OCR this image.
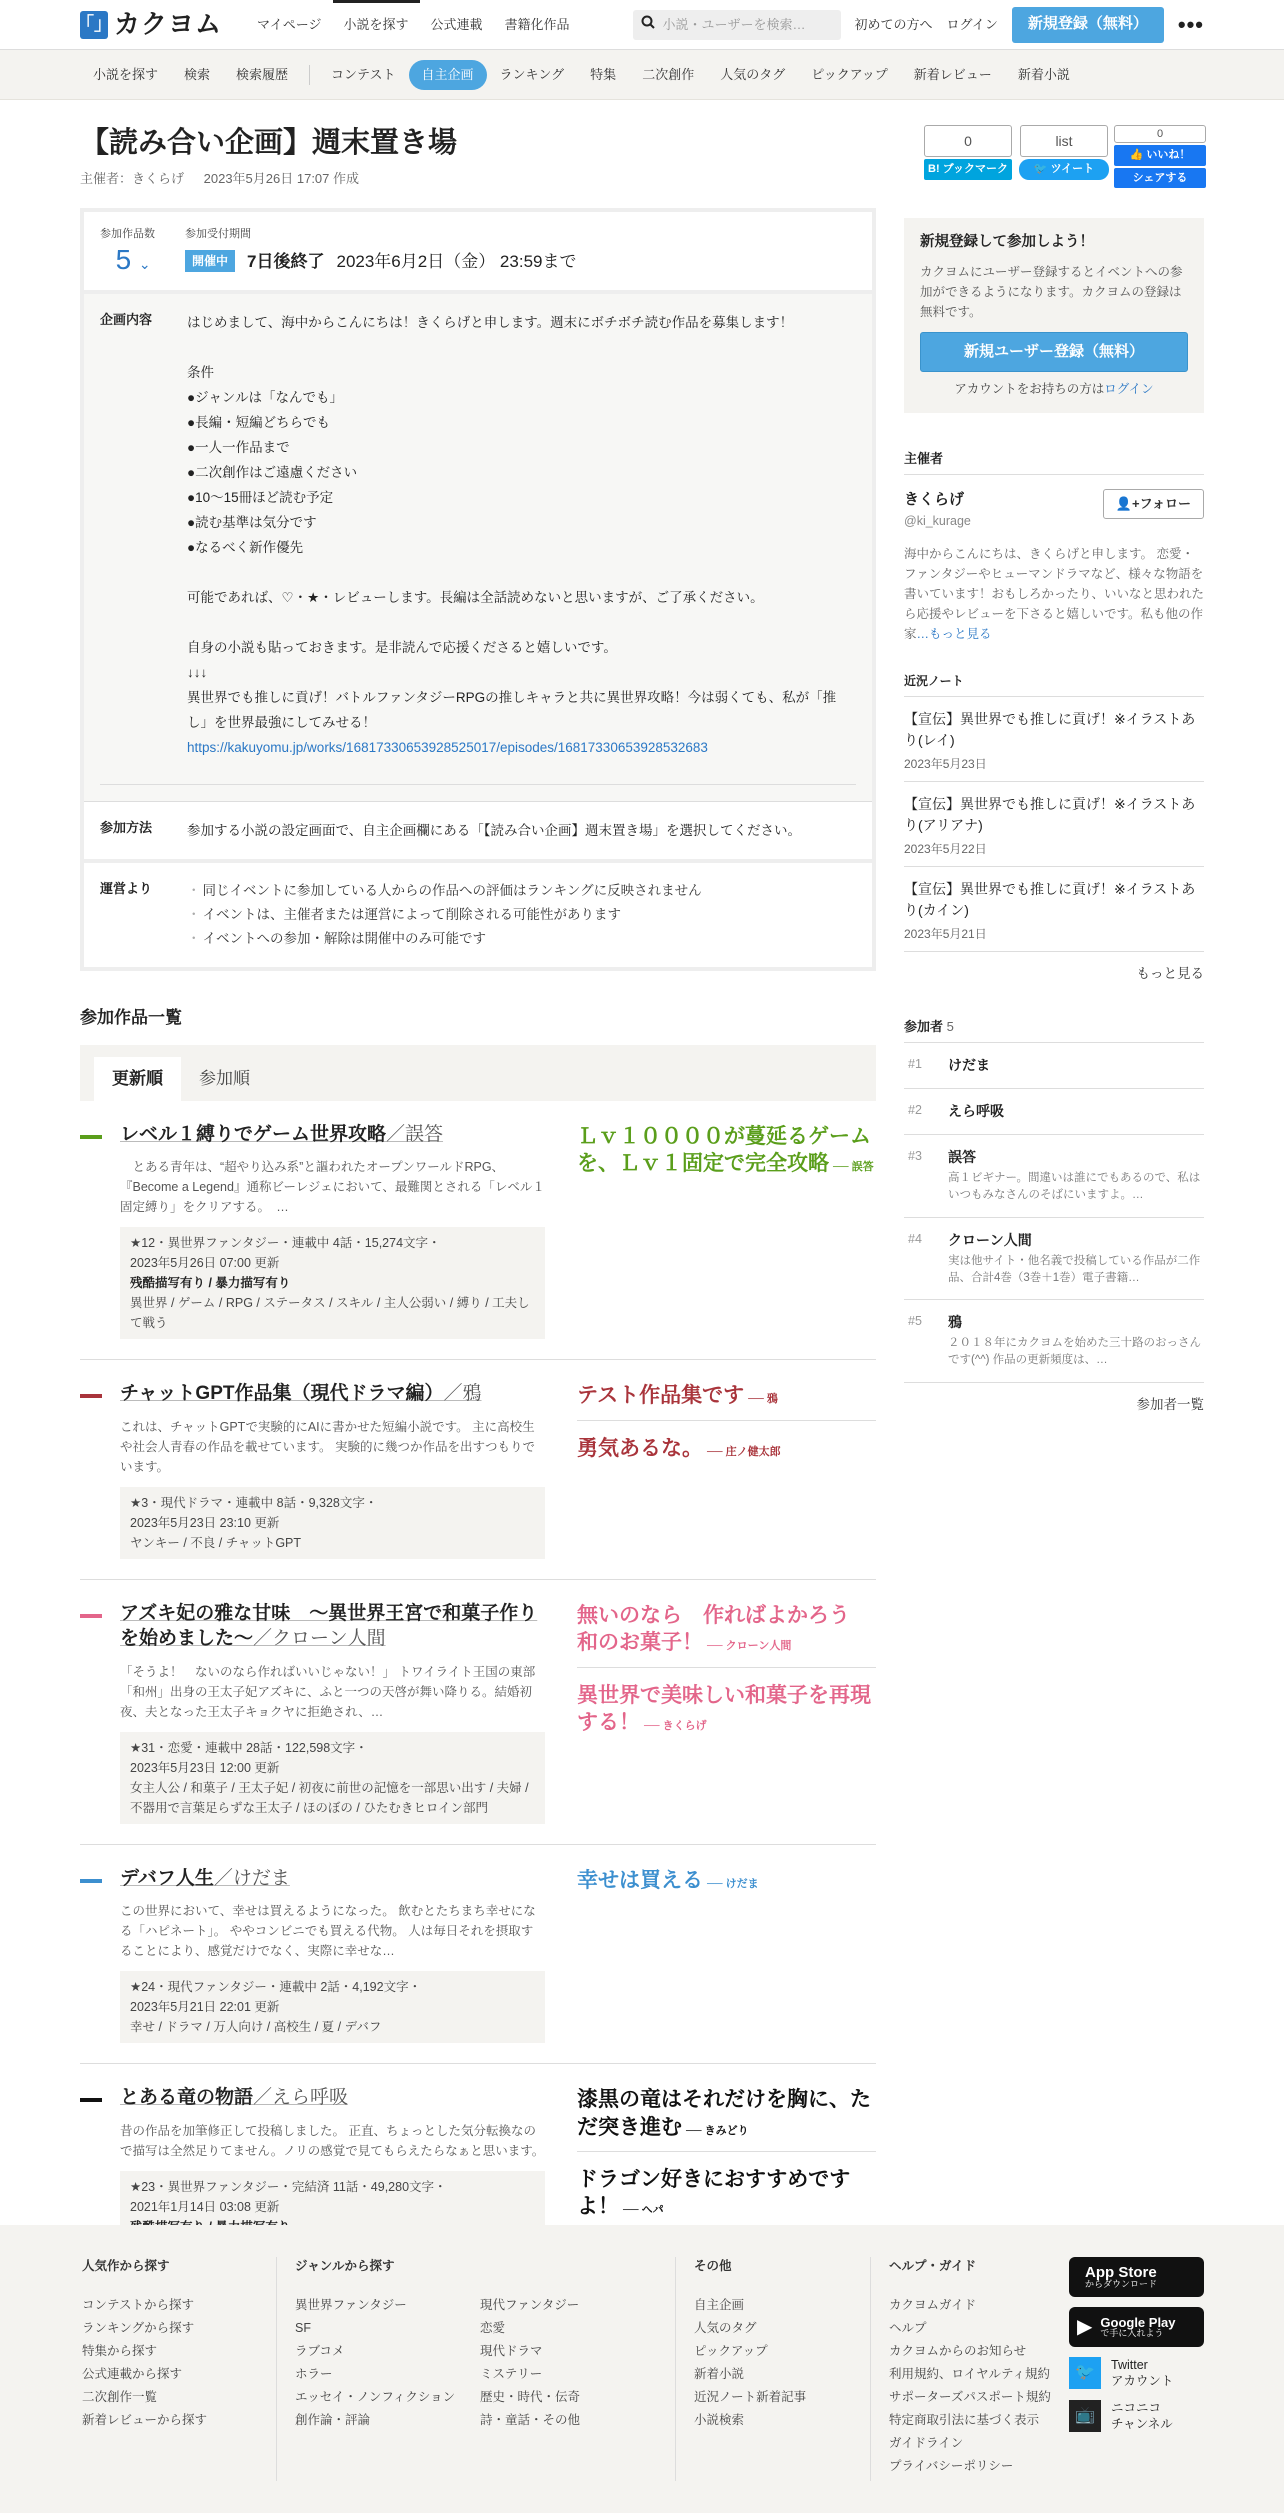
「」 カクヨム	マイページ	小説を探す	公式連載	書籍化作品	小説・ユーザーを検索…	初めての方へ ログイン	新規登録（無料）	•••
小説を探す	検索	検索履歴	コンテスト	自主企画	ランキング	特集	二次創作	人気のタグ	ピックアップ	新着レビュー	新着小説
【読み合い企画】週末置き場
主催者：きくらげ 2023年5月26日 17:07 作成
参加作品数
5 ⌄
参加受付期間
開催中	7日後終了 2023年6月2日（金） 23:59まで
企画内容	はじめまして、海中からこんにちは！きくらげと申します。週末にボチボチ読む作品を募集します！
条件
●ジャンルは「なんでも」
●長編・短編どちらでも
●一人一作品まで
●二次創作はご遠慮ください
●10～15冊ほど読む予定
●読む基準は気分です
●なるべく新作優先
可能であれば、♡・★・レビューします。長編は全話読めないと思いますが、ご了承ください。
自身の小説も貼っておきます。是非読んで応援くださると嬉しいです。
↓↓↓
異世界でも推しに貢げ！バトルファンタジーRPGの推しキャラと共に異世界攻略！今は弱くても、私が「推し」を世界最強にしてみせる！
https://kakuyomu.jp/works/16817330653928525017/episodes/16817330653928532683
参加方法	参加する小説の設定画面で、自主企画欄にある「【読み合い企画】週末置き場」を選択してください。
運営より	・ 同じイベントに参加している人からの作品への評価はランキングに反映されません
・ イベントは、主催者または運営によって削除される可能性があります
・ イベントへの参加・解除は開催中のみ可能です
参加作品一覧
更新順	参加順
レベル１縛りでゲーム世界攻略／誤答
　とある青年は、“超やり込み系”と謳われたオープンワールドRPG、『Become a Legend』通称ビーレジェにおいて、最難関とされる「レベル１固定縛り」をクリアする。　…
★12・異世界ファンタジー・連載中 4話・15,274文字・
2023年5月26日 07:00 更新
残酷描写有り / 暴力描写有り
異世界 / ゲーム / RPG / ステータス / スキル / 主人公弱い / 縛り / 工夫して戦う
Ｌｖ１００００が蔓延るゲームを、Ｌｖ１固定で完全攻略 ── 誤答
チャットGPT作品集（現代ドラマ編）／鴉
これは、チャットGPTで実験的にAIに書かせた短編小説です。 主に高校生や社会人青春の作品を載せています。 実験的に幾つか作品を出すつもりでいます。
★3・現代ドラマ・連載中 8話・9,328文字・
2023年5月23日 23:10 更新
ヤンキー / 不良 / チャットGPT
テスト作品集です ── 鴉
勇気あるな。 ── 庄ノ健太郎
アズキ妃の雅な甘味　～異世界王宮で和菓子作りを始めました～／クローン人間
「そうよ！　ないのなら作ればいいじゃない！」 トワイライト王国の東部「和州」出身の王太子妃アズキに、ふと一つの天啓が舞い降りる。結婚初夜、夫となった王太子キョクヤに拒絶され、…
★31・恋愛・連載中 28話・122,598文字・
2023年5月23日 12:00 更新
女主人公 / 和菓子 / 王太子妃 / 初夜に前世の記憶を一部思い出す / 夫婦 / 不器用で言葉足らずな王太子 / ほのぼの / ひたむきヒロイン部門
無いのなら　作ればよかろう　和のお菓子！ ── クローン人間
異世界で美味しい和菓子を再現する！ ── きくらげ
デバフ人生／けだま
この世界において、幸せは買えるようになった。 飲むとたちまち幸せになる「ハピネート」。 ややコンビニでも買える代物。 人は毎日それを摂取することにより、感覚だけでなく、実際に幸せな…
★24・現代ファンタジー・連載中 2話・4,192文字・
2023年5月21日 22:01 更新
幸せ / ドラマ / 万人向け / 高校生 / 夏 / デバフ
幸せは買える ── けだま
とある竜の物語／えら呼吸
昔の作品を加筆修正して投稿しました。 正直、ちょっとした気分転換なので描写は全然足りてません。ノリの感覚で見てもらえたらなぁと思います。
★23・異世界ファンタジー・完結済 11話・49,280文字・
2021年1月14日 03:08 更新
漆黒の竜はそれだけを胸に、ただ突き進む ── きみどり
ドラゴン好きにおすすめですよ！ ── ヘパ
0
B! ブックマーク
list
🐦 ツイート
0
👍 いいね！
シェアする
新規登録して参加しよう！

カクヨムにユーザー登録するとイベントへの参加ができるようになります。カクヨムの登録は無料です。

新規ユーザー登録（無料）
アカウントをお持ちの方はログイン
主催者
きくらげ
@ki_kurage
👤+フォロー
海中からこんにちは、きくらげと申します。 恋愛・ファンタジーやヒューマンドラマなど、様々な物語を書いています！おもしろかったり、いいなと思われたら応援やレビューを下さると嬉しいです。私も他の作家…もっと見る
近況ノート
【宣伝】異世界でも推しに貢げ！※イラストあり(レイ)
2023年5月23日
【宣伝】異世界でも推しに貢げ！※イラストあり(アリアナ)
2023年5月22日
【宣伝】異世界でも推しに貢げ！※イラストあり(カイン)
2023年5月21日
もっと見る
参加者 5
#1	けだま
#2	えら呼吸
#3	誤答
高１ビギナー。間違いは誰にでもあるので、私はいつもみなさんのそばにいますよ。…
#4	クローン人間
実は他サイト・他名義で投稿している作品が二作品、合計4巻（3巻＋1巻）電子書籍…
#5	鴉
２０１８年にカクヨムを始めた三十路のおっさんです(^^) 作品の更新頻度は、…
参加者一覧
人気作から探す
コンテストから探す
ランキングから探す
特集から探す
公式連載から探す
二次創作一覧
新着レビューから探す
ジャンルから探す
異世界ファンタジー	現代ファンタジー
SF	恋愛
ラブコメ	現代ドラマ
ホラー	ミステリー
エッセイ・ノンフィクション	歴史・時代・伝奇
創作論・評論	詩・童話・その他
その他
自主企画
人気のタグ
ピックアップ
新着小説
近況ノート新着記事
小説検索
ヘルプ・ガイド
カクヨムガイド
ヘルプ
カクヨムからのお知らせ
利用規約、ロイヤルティ規約
サポーターズパスポート規約
特定商取引法に基づく表示
ガイドライン
プライバシーポリシー
App Store
からダウンロード
▶ Google Play
で手に入れよう
🐦	Twitter
アカウント
📺	ニコニコ
チャンネル
